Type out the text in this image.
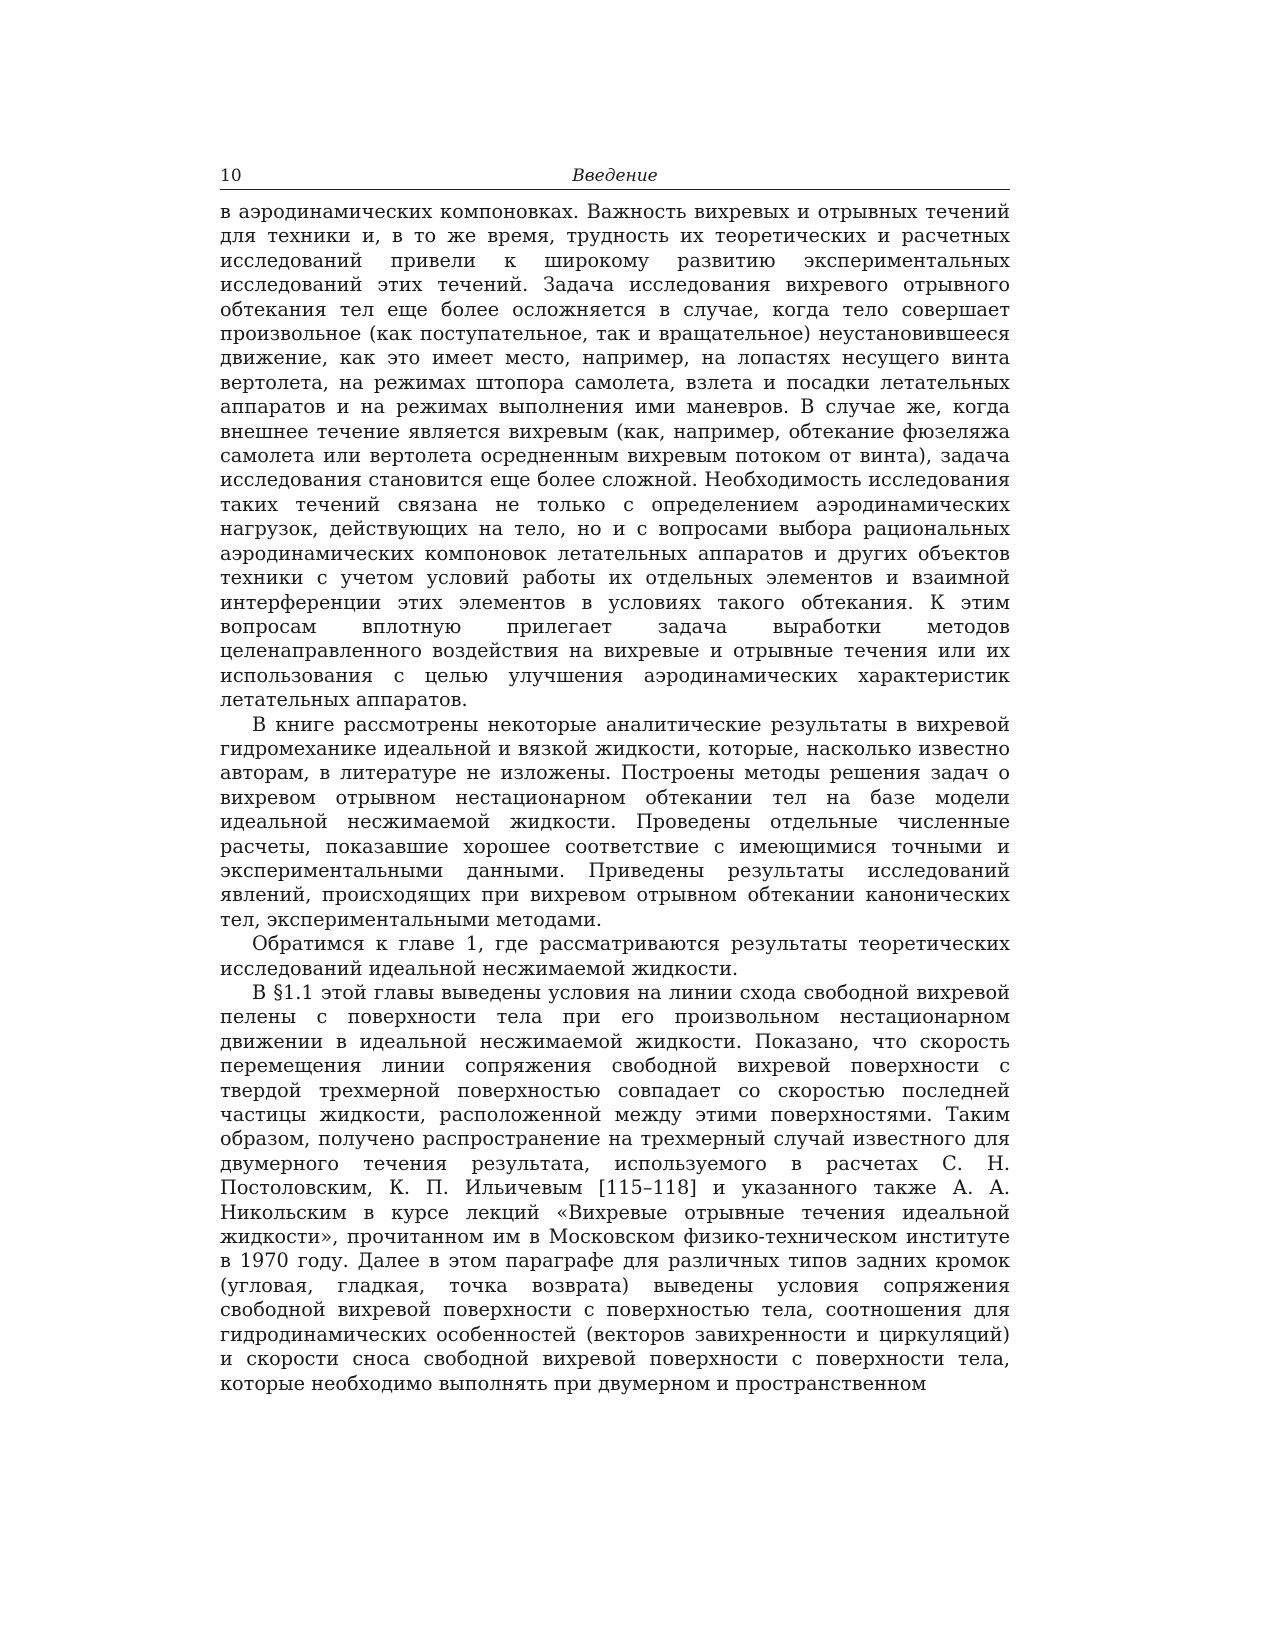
10	Введение

в аэродинамических компоновках. Важность вихревых и отрывных течений для техники и, в то же время, трудность их теоретических и расчетных исследований привели к широкому развитию экспериментальных исследований этих течений. Задача исследования вихревого отрывного обтекания тел еще более осложняется в случае, когда тело совершает произвольное (как поступательное, так и вращательное) неустановившееся движение, как это имеет место, например, на лопастях несущего винта вертолета, на режимах штопора самолета, взлета и посадки летательных аппаратов и на режимах выполнения ими маневров. В случае же, когда внешнее течение является вихревым (как, например, обтекание фюзеляжа самолета или вертолета осредненным вихревым потоком от винта), задача исследования становится еще более сложной. Необходимость исследования таких течений связана не только с определением аэродинамических нагрузок, действующих на тело, но и с вопросами выбора рациональных аэродинамических компоновок летательных аппаратов и других объектов техники с учетом условий работы их отдельных элементов и взаимной интерференции этих элементов в условиях такого обтекания. К этим вопросам вплотную прилегает задача выработки методов целенаправленного воздействия на вихревые и отрывные течения или их использования с целью улучшения аэродинамических характеристик летательных аппаратов.

В книге рассмотрены некоторые аналитические результаты в вихревой гидромеханике идеальной и вязкой жидкости, которые, насколько известно авторам, в литературе не изложены. Построены методы решения задач о вихревом отрывном нестационарном обтекании тел на базе модели идеальной несжимаемой жидкости. Проведены отдельные численные расчеты, показавшие хорошее соответствие с имеющимися точными и экспериментальными данными. Приведены результаты исследований явлений, происходящих при вихревом отрывном обтекании канонических тел, экспериментальными методами.

Обратимся к главе 1, где рассматриваются результаты теоретических исследований идеальной несжимаемой жидкости.

В §1.1 этой главы выведены условия на линии схода свободной вихревой пелены с поверхности тела при его произвольном нестационарном движении в идеальной несжимаемой жидкости. Показано, что скорость перемещения линии сопряжения свободной вихревой поверхности с твердой трехмерной поверхностью совпадает со скоростью последней частицы жидкости, расположенной между этими поверхностями. Таким образом, получено распространение на трехмерный случай известного для двумерного течения результата, используемого в расчетах С. Н. Постоловским, К. П. Ильичевым [115–118] и указанного также А. А. Никольским в курсе лекций «Вихревые отрывные течения идеальной жидкости», прочитанном им в Московском физико-техническом институте в 1970 году. Далее в этом параграфе для различных типов задних кромок (угловая, гладкая, точка возврата) выведены условия сопряжения свободной вихревой поверхности с поверхностью тела, соотношения для гидродинамических особенностей (векторов завихренности и циркуляций) и скорости сноса свободной вихревой поверхности с поверхности тела, которые необходимо выполнять при двумерном и пространственном
